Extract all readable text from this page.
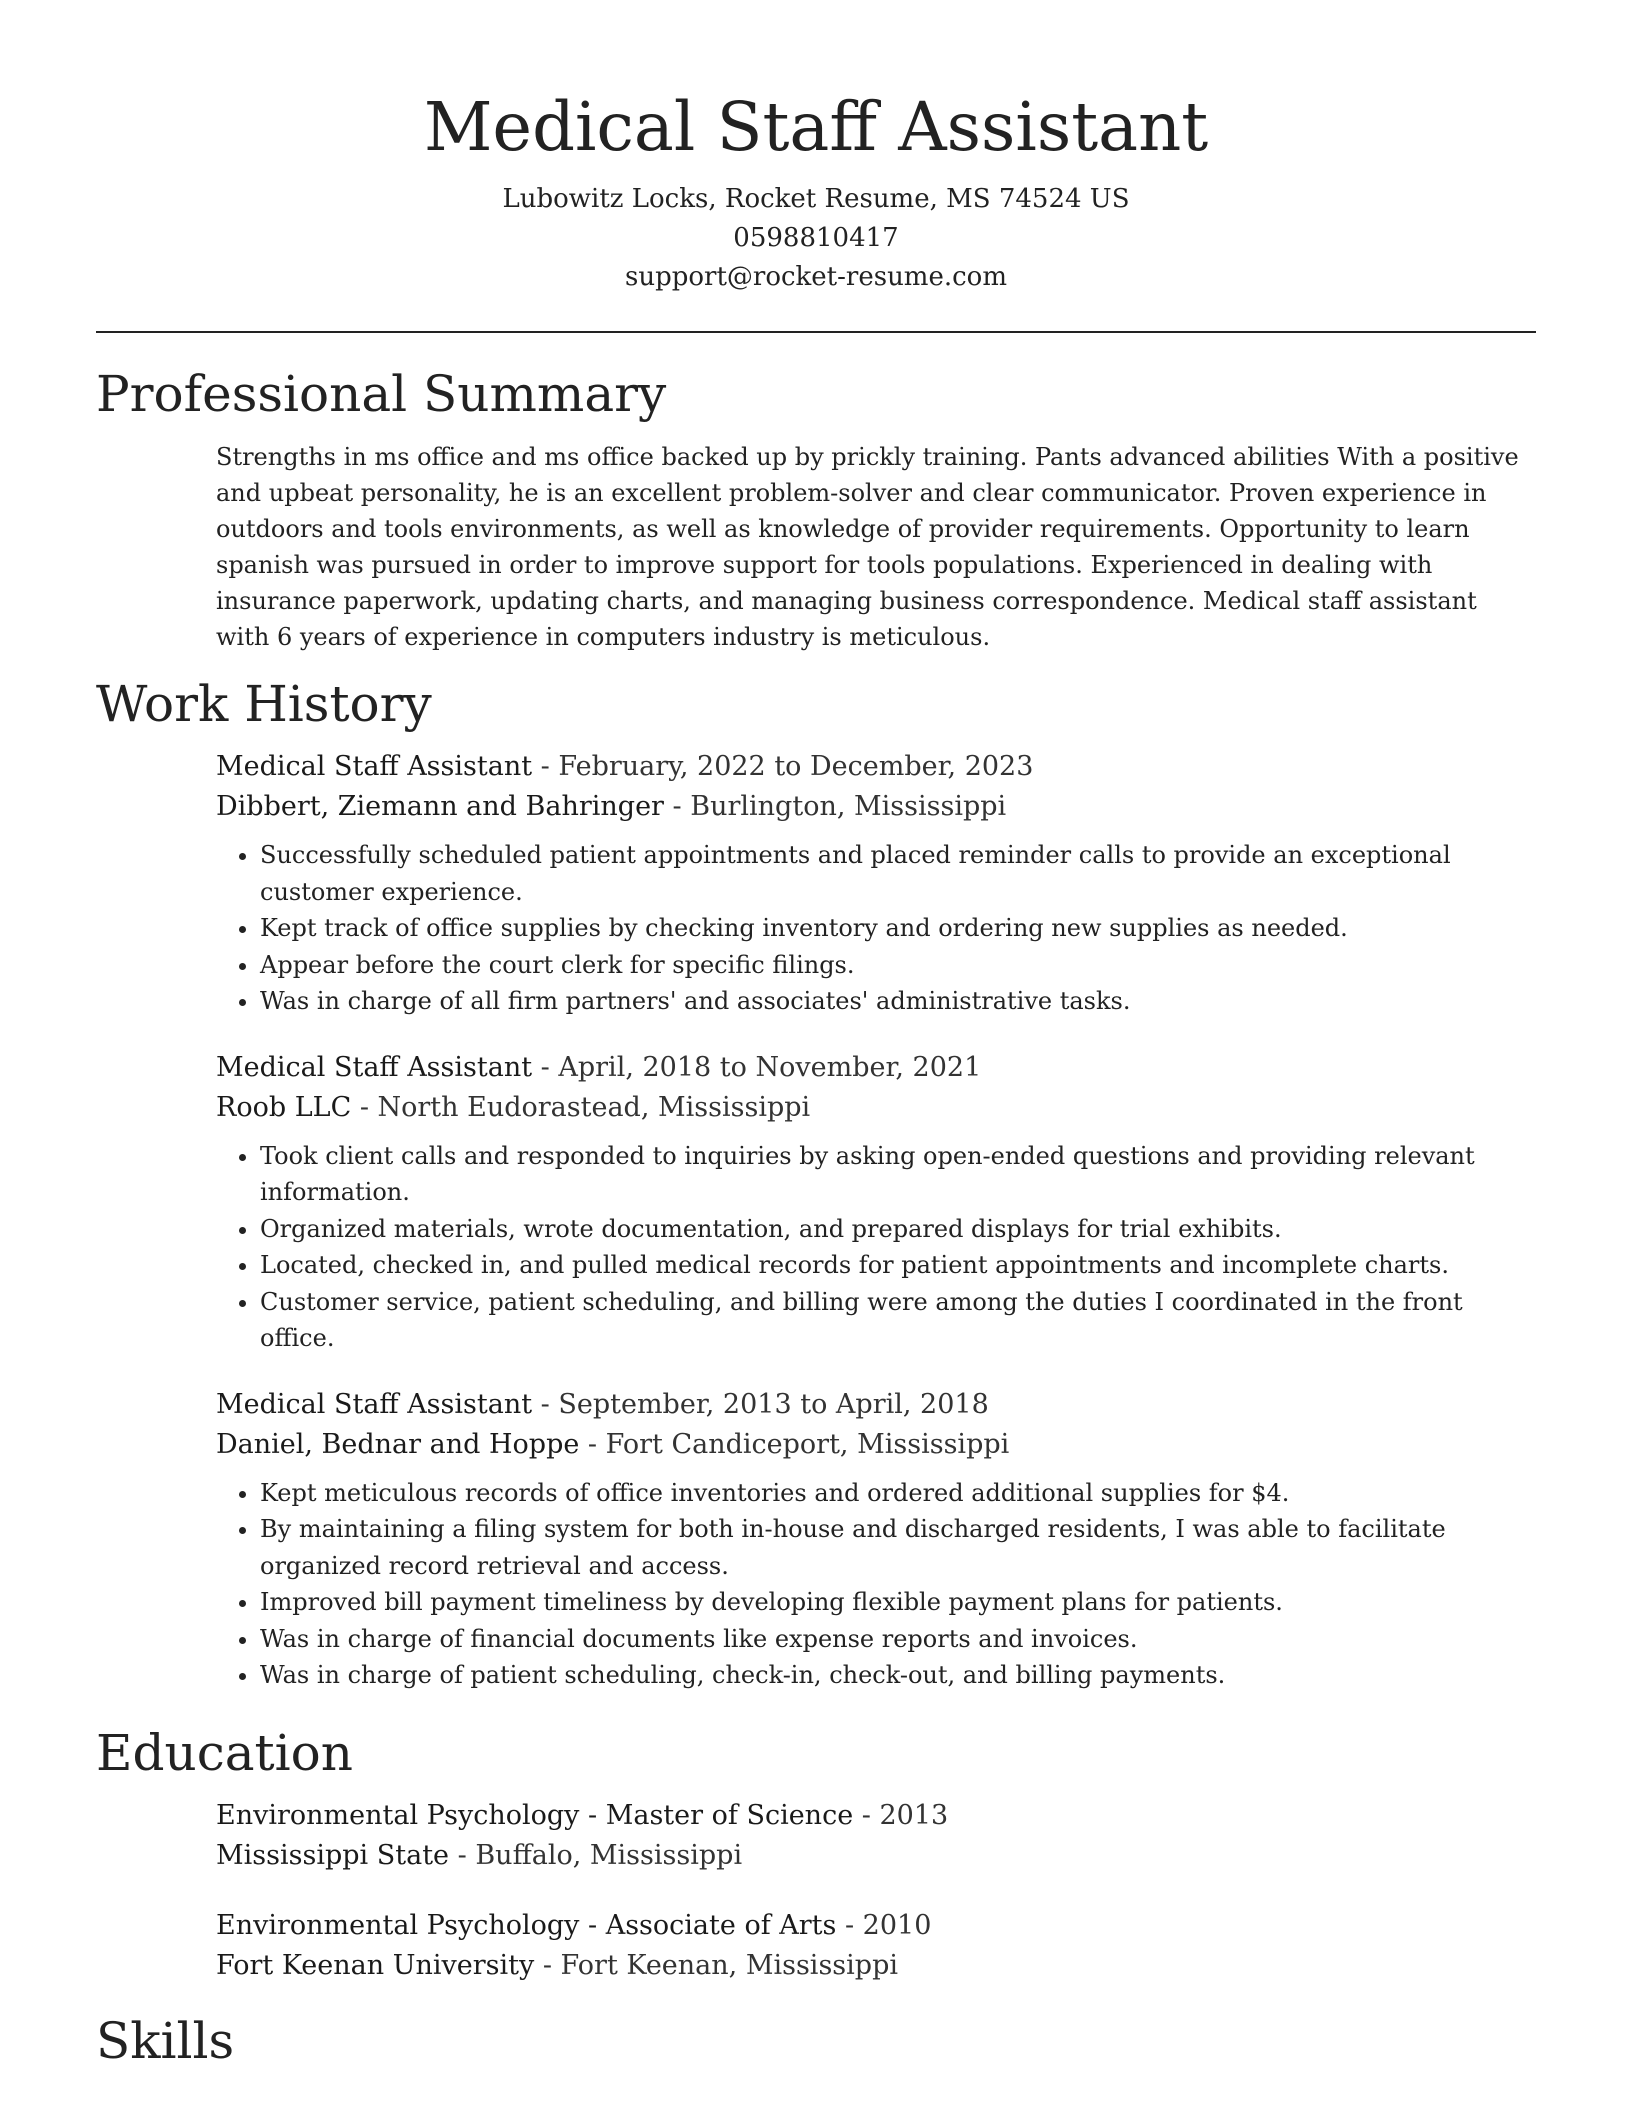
Medical Staff Assistant
Lubowitz Locks, Rocket Resume, MS 74524 US
0598810417
support@rocket-resume.com
Professional Summary

Strengths in ms office and ms office backed up by prickly training. Pants advanced abilities With a positive and upbeat personality, he is an excellent problem-solver and clear communicator. Proven experience in outdoors and tools environments, as well as knowledge of provider requirements. Opportunity to learn spanish was pursued in order to improve support for tools populations. Experienced in dealing with insurance paperwork, updating charts, and managing business correspondence. Medical staff assistant with 6 years of experience in computers industry is meticulous.

Work History
Medical Staff Assistant - February, 2022 to December, 2023
Dibbert, Ziemann and Bahringer - Burlington, Mississippi
• Successfully scheduled patient appointments and placed reminder calls to provide an exceptional customer experience.
• Kept track of office supplies by checking inventory and ordering new supplies as needed.
• Appear before the court clerk for specific filings.
• Was in charge of all firm partners' and associates' administrative tasks.
Medical Staff Assistant - April, 2018 to November, 2021
Roob LLC - North Eudorastead, Mississippi
• Took client calls and responded to inquiries by asking open-ended questions and providing relevant information.
• Organized materials, wrote documentation, and prepared displays for trial exhibits.
• Located, checked in, and pulled medical records for patient appointments and incomplete charts.
• Customer service, patient scheduling, and billing were among the duties I coordinated in the front office.
Medical Staff Assistant - September, 2013 to April, 2018
Daniel, Bednar and Hoppe - Fort Candiceport, Mississippi
• Kept meticulous records of office inventories and ordered additional supplies for $4.
• By maintaining a filing system for both in-house and discharged residents, I was able to facilitate organized record retrieval and access.
• Improved bill payment timeliness by developing flexible payment plans for patients.
• Was in charge of financial documents like expense reports and invoices.
• Was in charge of patient scheduling, check-in, check-out, and billing payments.
Education
Environmental Psychology - Master of Science - 2013
Mississippi State - Buffalo, Mississippi
Environmental Psychology - Associate of Arts - 2010
Fort Keenan University - Fort Keenan, Mississippi
Skills
